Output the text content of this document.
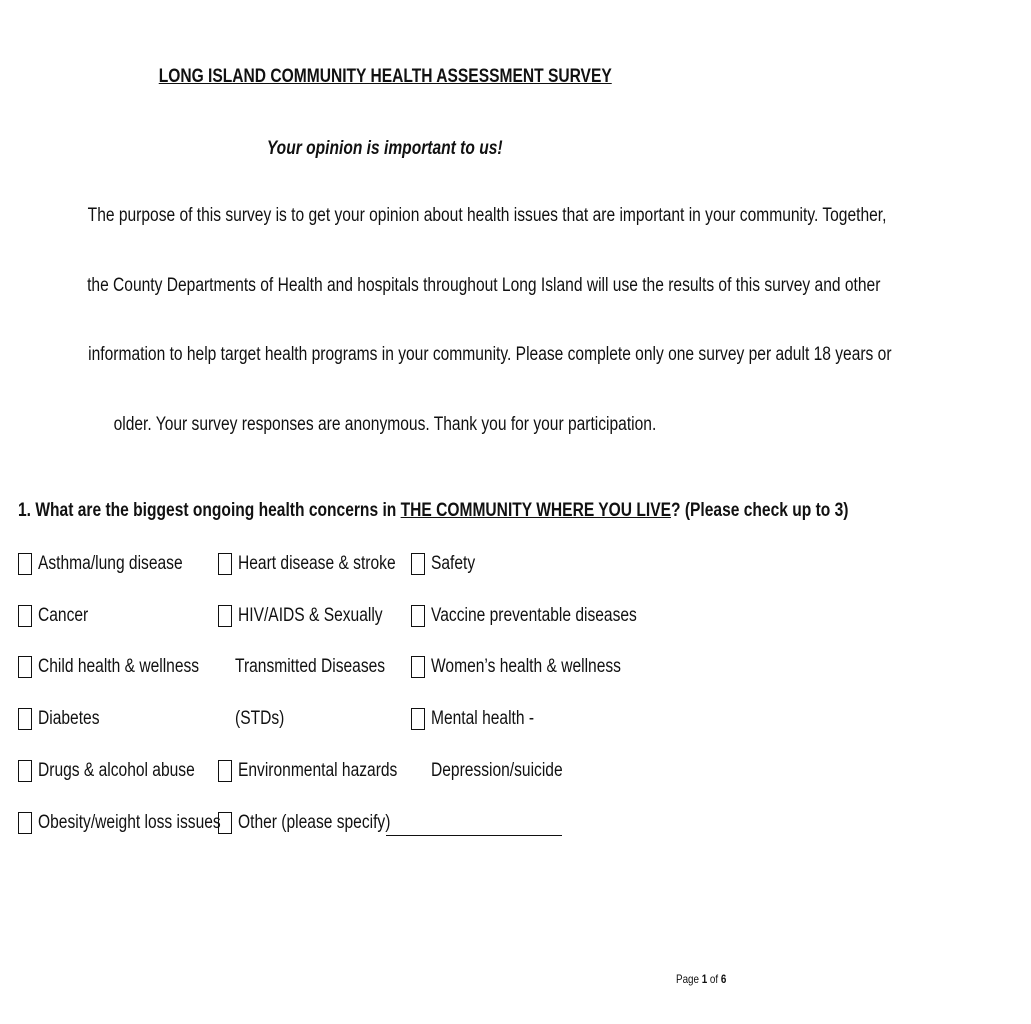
LONG ISLAND COMMUNITY HEALTH ASSESSMENT SURVEY
Your opinion is important to us!
The purpose of this survey is to get your opinion about health issues that are important in your community. Together,
the County Departments of Health and hospitals throughout Long Island will use the results of this survey and other
information to help target health programs in your community. Please complete only one survey per adult 18 years or
older. Your survey responses are anonymous. Thank you for your participation.
1. What are the biggest ongoing health concerns in THE COMMUNITY WHERE YOU LIVE? (Please check up to 3)
Asthma/lung disease
Cancer
Child health & wellness
Diabetes
Drugs & alcohol abuse
Obesity/weight loss issues
Heart disease & stroke
HIV/AIDS & Sexually
Transmitted Diseases
(STDs)
Environmental hazards
Other (please specify)
Safety
Vaccine preventable diseases
Women’s health & wellness
Mental health -
Depression/suicide
Page 1 of 6
